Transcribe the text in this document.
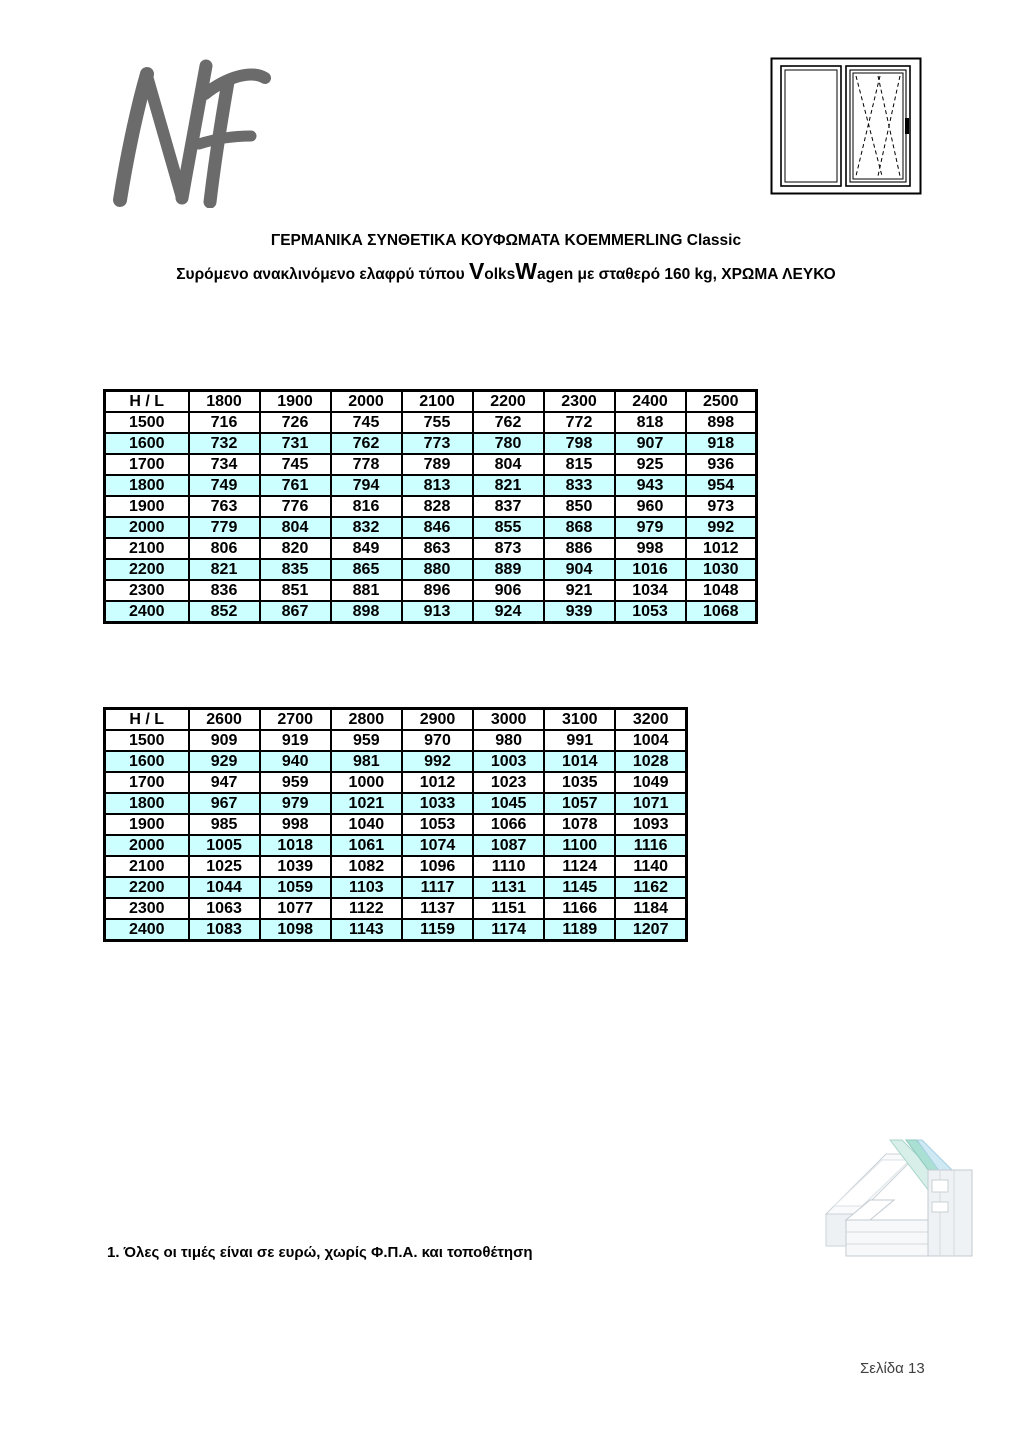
ΓΕΡΜΑΝΙΚΑ ΣΥΝΘΕΤΙΚΑ ΚΟΥΦΩΜΑΤΑ KOEMMERLING Classic
Συρόμενο ανακλινόμενο ελαφρύ τύπου VolksWagen με σταθερό 160 kg, ΧΡΩΜΑ ΛΕΥΚΟ
H / L	1800	1900	2000	2100	2200	2300	2400	2500
1500	716	726	745	755	762	772	818	898
1600	732	731	762	773	780	798	907	918
1700	734	745	778	789	804	815	925	936
1800	749	761	794	813	821	833	943	954
1900	763	776	816	828	837	850	960	973
2000	779	804	832	846	855	868	979	992
2100	806	820	849	863	873	886	998	1012
2200	821	835	865	880	889	904	1016	1030
2300	836	851	881	896	906	921	1034	1048
2400	852	867	898	913	924	939	1053	1068
H / L	2600	2700	2800	2900	3000	3100	3200
1500	909	919	959	970	980	991	1004
1600	929	940	981	992	1003	1014	1028
1700	947	959	1000	1012	1023	1035	1049
1800	967	979	1021	1033	1045	1057	1071
1900	985	998	1040	1053	1066	1078	1093
2000	1005	1018	1061	1074	1087	1100	1116
2100	1025	1039	1082	1096	1110	1124	1140
2200	1044	1059	1103	1117	1131	1145	1162
2300	1063	1077	1122	1137	1151	1166	1184
2400	1083	1098	1143	1159	1174	1189	1207
1. Όλες οι τιμές είναι σε ευρώ, χωρίς Φ.Π.Α. και τοποθέτηση
Σελίδα 13
